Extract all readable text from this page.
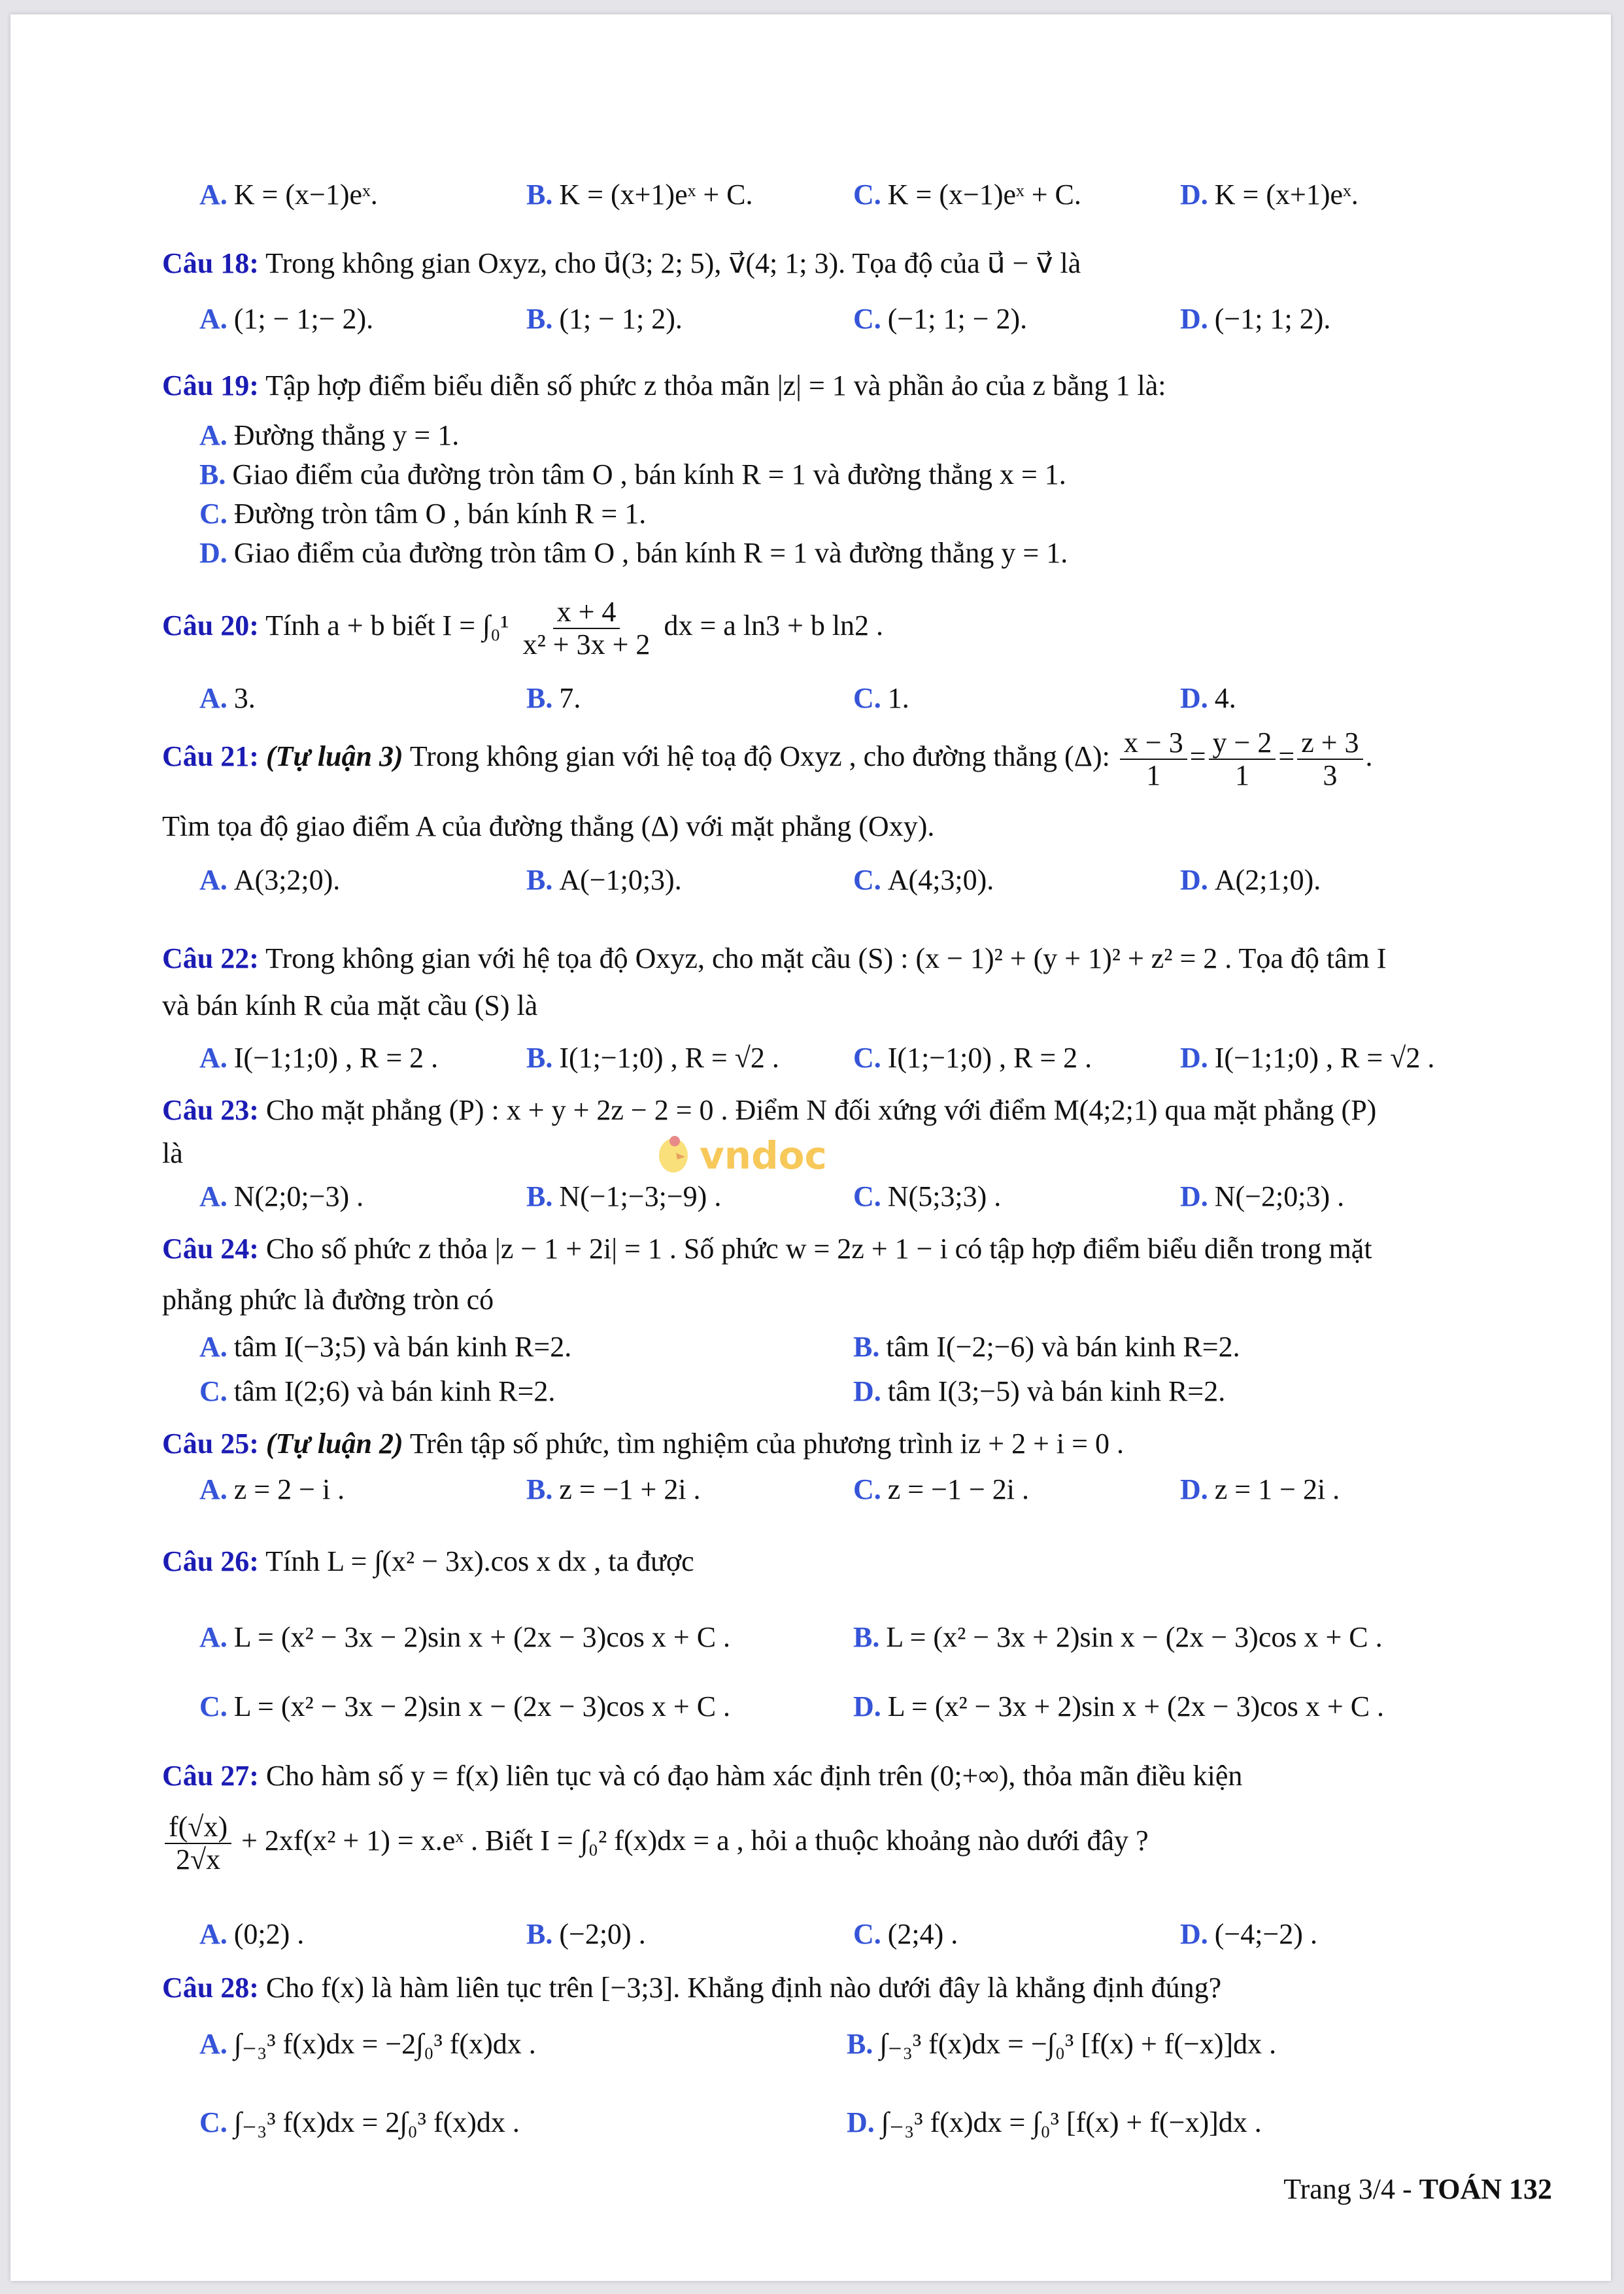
A. K = (x−1)eˣ.	B. K = (x+1)eˣ + C.	C. K = (x−1)eˣ + C.	D. K = (x+1)eˣ.
Câu 18: Trong không gian Oxyz, cho u⃗(3; 2; 5), v⃗(4; 1; 3). Tọa độ của u⃗ − v⃗ là
A. (1; − 1;− 2).	B. (1; − 1; 2).	C. (−1; 1; − 2).	D. (−1; 1; 2).
Câu 19: Tập hợp điểm biểu diễn số phức z thỏa mãn |z| = 1 và phần ảo của z bằng 1 là:
A. Đường thẳng y = 1.
B. Giao điểm của đường tròn tâm O , bán kính R = 1 và đường thẳng x = 1.
C. Đường tròn tâm O , bán kính R = 1.
D. Giao điểm của đường tròn tâm O , bán kính R = 1 và đường thẳng y = 1.
Câu 20: Tính a + b biết $I = \int_0^1 \frac{x + 4}{\text{x² + 3x + 2}}$ dx = a ln3 + b ln2 .
A. 3.	B. 7.	C. 1.	D. 4.
Câu 21: (Tự luận 3) Trong không gian với hệ toạ độ Oxyz , cho đường thẳng (Δ): $\frac{x - 3}{1} = \frac{y - 2}{1} = \frac{z + 3}{3}$ .
Tìm tọa độ giao điểm A của đường thẳng (Δ) với mặt phẳng (Oxy).
A. A(3;2;0).	B. A(−1;0;3).	C. A(4;3;0).	D. A(2;1;0).
Câu 22: Trong không gian với hệ tọa độ Oxyz, cho mặt cầu (S) : (x − 1)² + (y + 1)² + z² = 2 . Tọa độ tâm I
và bán kính R của mặt cầu (S) là
A. I(−1;1;0) , R = 2 .	B. I(1;−1;0) , R = √2 .	C. I(1;−1;0) , R = 2 .	D. I(−1;1;0) , R = √2 .
Câu 23: Cho mặt phẳng (P) : x + y + 2z − 2 = 0 . Điểm N đối xứng với điểm M(4;2;1) qua mặt phẳng (P)
là	vndoc
A. N(2;0;−3) .	B. N(−1;−3;−9) .	C. N(5;3;3) .	D. N(−2;0;3) .
Câu 24: Cho số phức z thỏa |z − 1 + 2i| = 1 . Số phức w = 2z + 1 − i có tập hợp điểm biểu diễn trong mặt
phẳng phức là đường tròn có
A. tâm I(−3;5) và bán kinh R=2.	B. tâm I(−2;−6) và bán kinh R=2.
C. tâm I(2;6) và bán kinh R=2.	D. tâm I(3;−5) và bán kinh R=2.
Câu 25: (Tự luận 2) Trên tập số phức, tìm nghiệm của phương trình iz + 2 + i = 0 .
A. z = 2 − i .	B. z = −1 + 2i .	C. z = −1 − 2i .	D. z = 1 − 2i .
Câu 26: Tính L = ∫(x² − 3x).cos x dx , ta được
A. L = (x² − 3x − 2)sin x + (2x − 3)cos x + C .	B. L = (x² − 3x + 2)sin x − (2x − 3)cos x + C .
C. L = (x² − 3x − 2)sin x − (2x − 3)cos x + C .	D. L = (x² − 3x + 2)sin x + (2x − 3)cos x + C .
Câu 27: Cho hàm số y = f(x) liên tục và có đạo hàm xác định trên (0;+∞), thỏa mãn điều kiện
$\frac{f(√x)}{2√x} + 2xf(x^2 + 1)$ = x.eˣ . Biết I = ∫₀² f(x)dx = a , hỏi a thuộc khoảng nào dưới đây ?
A. (0;2) .	B. (−2;0) .	C. (2;4) .	D. (−4;−2) .
Câu 28: Cho f(x) là hàm liên tục trên [−3;3]. Khẳng định nào dưới đây là khẳng định đúng?
A. ∫₋₃³ f(x)dx = −2∫₀³ f(x)dx .	B. ∫₋₃³ f(x)dx = −∫₀³ [f(x) + f(−x)]dx .
C. ∫₋₃³ f(x)dx = 2∫₀³ f(x)dx .	D. ∫₋₃³ f(x)dx = ∫₀³ [f(x) + f(−x)]dx .
Trang 3/4 - TOÁN 132
